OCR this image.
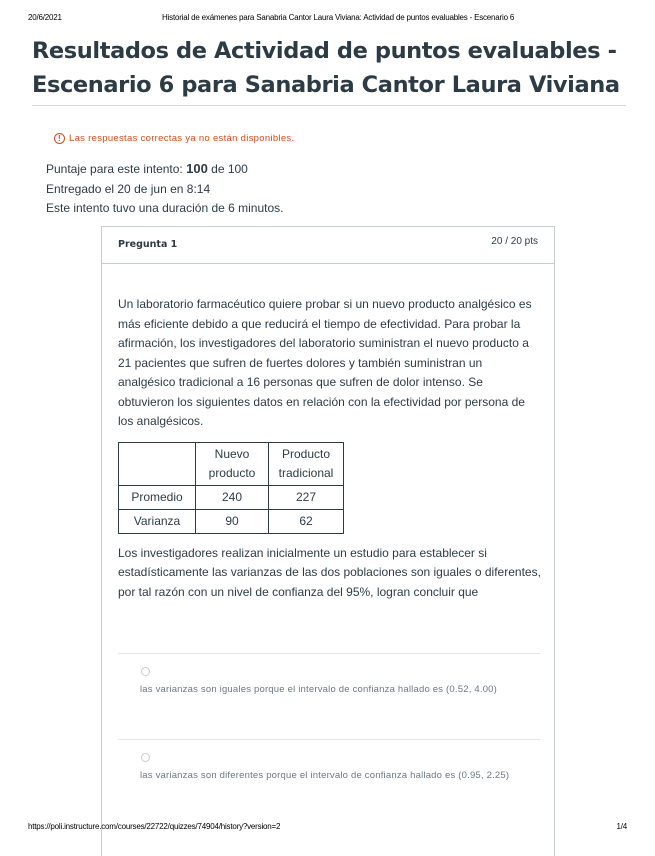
20/6/2021	Historial de exámenes para Sanabria Cantor Laura Viviana: Actividad de puntos evaluables - Escenario 6
Resultados de Actividad de puntos evaluables - Escenario 6 para Sanabria Cantor Laura Viviana
! Las respuestas correctas ya no están disponibles.
Puntaje para este intento: 100 de 100
Entregado el 20 de jun en 8:14
Este intento tuvo una duración de 6 minutos.
Pregunta 1	20 / 20 pts

Un laboratorio farmacéutico quiere probar si un nuevo producto analgésico es más eficiente debido a que reducirá el tiempo de efectividad. Para probar la afirmación, los investigadores del laboratorio suministran el nuevo producto a 21 pacientes que sufren de fuertes dolores y también suministran un analgésico tradicional a 16 personas que sufren de dolor intenso. Se obtuvieron los siguientes datos en relación con la efectividad por persona de los analgésicos.

	Nuevo producto	Producto tradicional
Promedio	240	227
Varianza	90	62

Los investigadores realizan inicialmente un estudio para establecer si estadísticamente las varianzas de las dos poblaciones son iguales o diferentes, por tal razón con un nivel de confianza del 95%, logran concluir que

las varianzas son iguales porque el intervalo de confianza hallado es (0.52, 4.00)
las varianzas son diferentes porque el intervalo de confianza hallado es (0.95, 2.25)
https://poli.instructure.com/courses/22722/quizzes/74904/history?version=2	1/4
